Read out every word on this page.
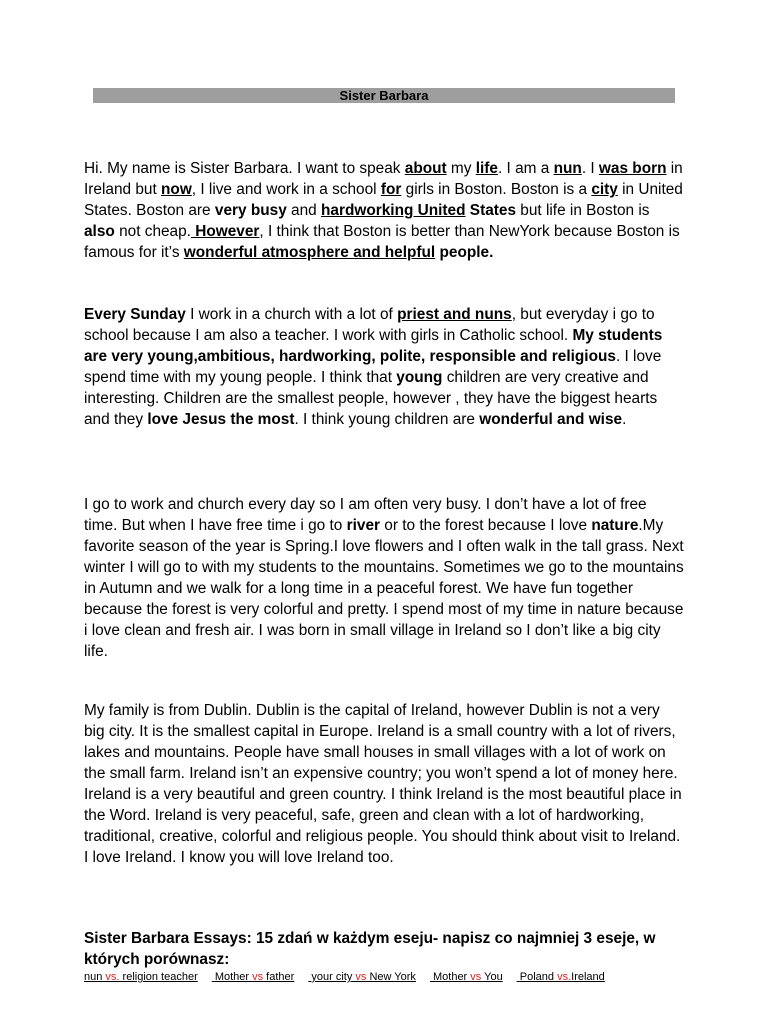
Sister Barbara

Hi. My name is Sister Barbara. I want to speak about my life. I am a nun. I was born in Ireland but now, I live and work in a school for girls in Boston. Boston is a city in United States. Boston are very busy and hardworking United States but life in Boston is also not cheap. However, I think that Boston is better than NewYork because Boston is famous for it’s wonderful atmosphere and helpful people.

Every Sunday I work in a church with a lot of priest and nuns, but everyday i go to school because I am also a teacher. I work with girls in Catholic school. My students are very young,ambitious, hardworking, polite, responsible and religious. I love spend time with my young people. I think that young children are very creative and interesting. Children are the smallest people, however , they have the biggest hearts and they love Jesus the most. I think young children are wonderful and wise.

I go to work and church every day so I am often very busy. I don’t have a lot of free time. But when I have free time i go to river or to the forest because I love nature.My favorite season of the year is Spring.I love flowers and I often walk in the tall grass. Next winter I will go to with my students to the mountains. Sometimes we go to the mountains in Autumn and we walk for a long time in a peaceful forest. We have fun together because the forest is very colorful and pretty. I spend most of my time in nature because i love clean and fresh air. I was born in small village in Ireland so I don’t like a big city life.

My family is from Dublin. Dublin is the capital of Ireland, however Dublin is not a very big city. It is the smallest capital in Europe. Ireland is a small country with a lot of rivers, lakes and mountains. People have small houses in small villages with a lot of work on the small farm. Ireland isn’t an expensive country; you won’t spend a lot of money here. Ireland is a very beautiful and green country. I think Ireland is the most beautiful place in the Word. Ireland is very peaceful, safe, green and clean with a lot of hardworking, traditional, creative, colorful and religious people. You should think about visit to Ireland. I love Ireland. I know you will love Ireland too.

Sister Barbara Essays: 15 zdań w każdym eseju- napisz co najmniej 3 eseje, w których porównasz:
nun vs. religion teacher Mother vs father your city vs New York Mother vs You Poland vs.Ireland
